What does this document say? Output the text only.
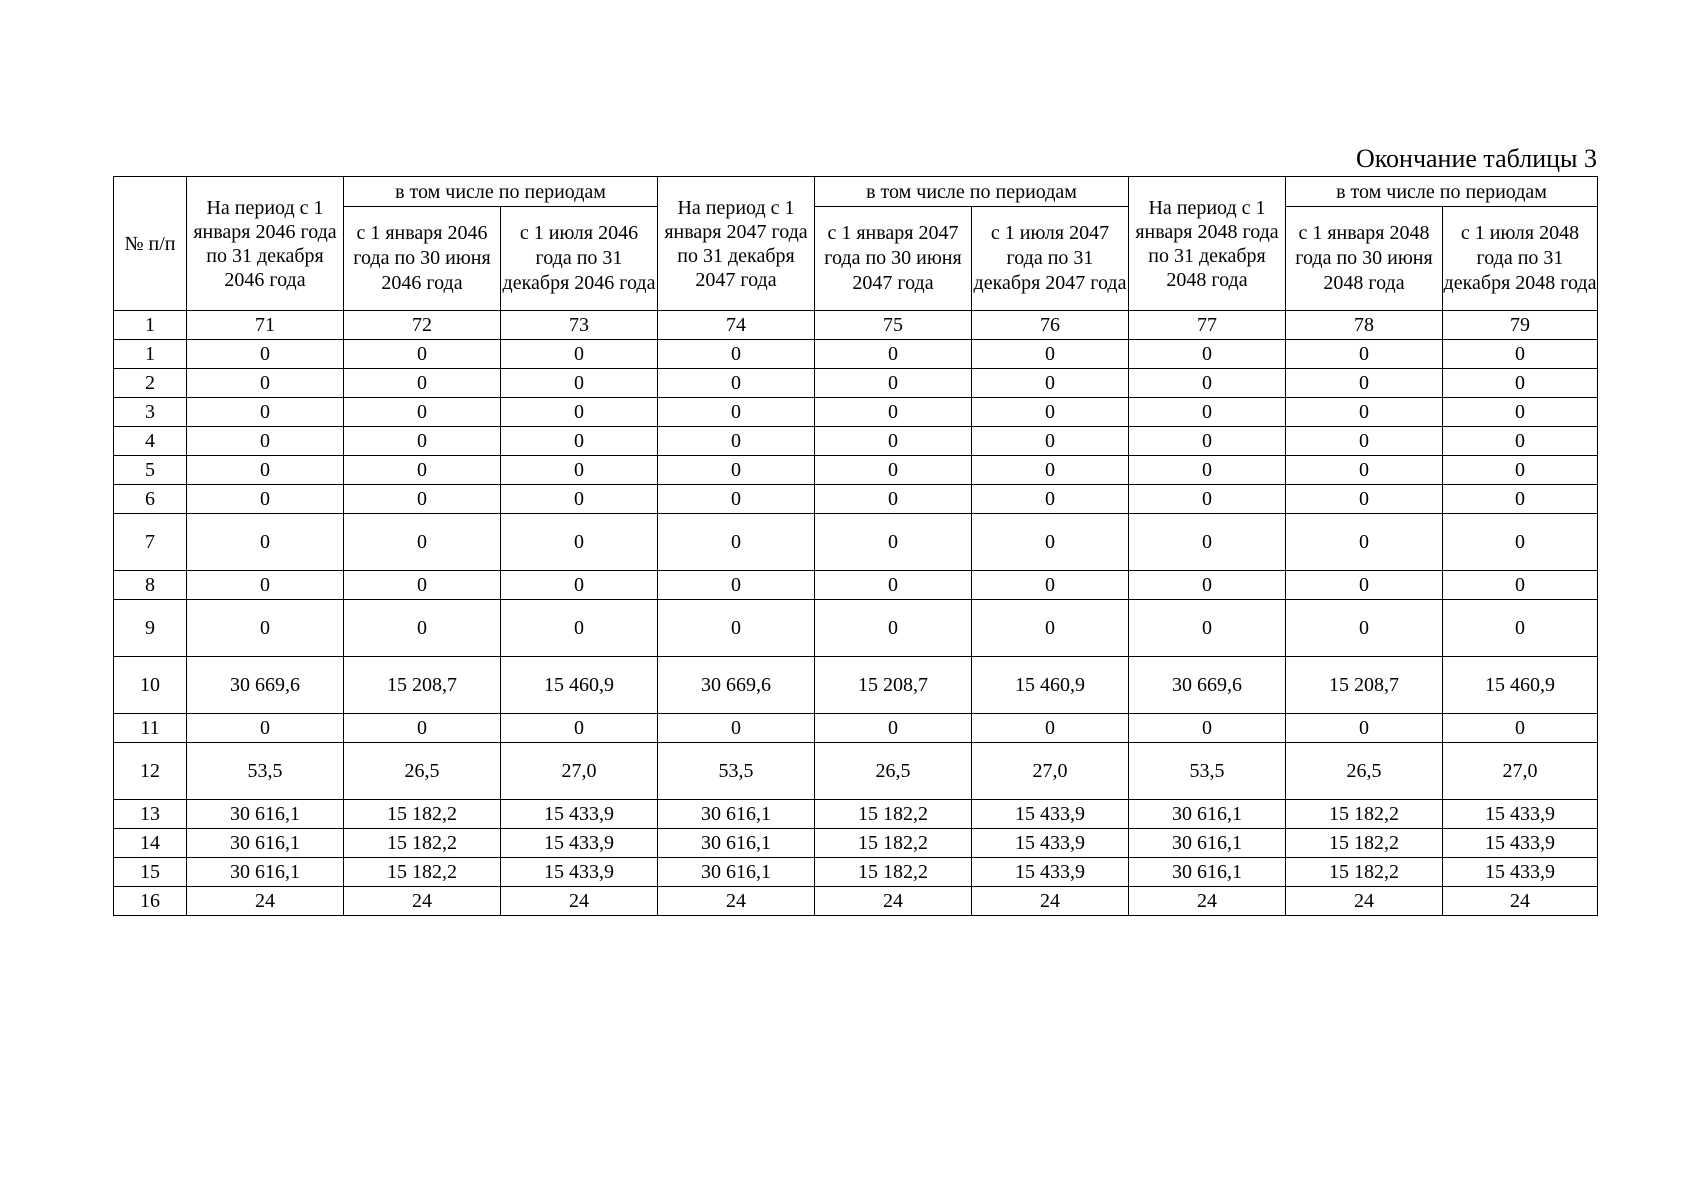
Окончание таблицы 3
№ п/п	На период с 1 января 2046 года по 31 декабря 2046 года	в том числе по периодам		На период с 1 января 2047 года по 31 декабря 2047 года	в том числе по периодам		На период с 1 января 2048 года по 31 декабря 2048 года	в том числе по периодам	
		с 1 января 2046 года по 30 июня 2046 года	с 1 июля 2046 года по 31 декабря 2046 года		с 1 января 2047 года по 30 июня 2047 года	с 1 июля 2047 года по 31 декабря 2047 года		с 1 января 2048 года по 30 июня 2048 года	с 1 июля 2048 года по 31 декабря 2048 года
1	71	72	73	74	75	76	77	78	79
1	0	0	0	0	0	0	0	0	0
2	0	0	0	0	0	0	0	0	0
3	0	0	0	0	0	0	0	0	0
4	0	0	0	0	0	0	0	0	0
5	0	0	0	0	0	0	0	0	0
6	0	0	0	0	0	0	0	0	0
7	0	0	0	0	0	0	0	0	0
8	0	0	0	0	0	0	0	0	0
9	0	0	0	0	0	0	0	0	0
10	30 669,6	15 208,7	15 460,9	30 669,6	15 208,7	15 460,9	30 669,6	15 208,7	15 460,9
11	0	0	0	0	0	0	0	0	0
12	53,5	26,5	27,0	53,5	26,5	27,0	53,5	26,5	27,0
13	30 616,1	15 182,2	15 433,9	30 616,1	15 182,2	15 433,9	30 616,1	15 182,2	15 433,9
14	30 616,1	15 182,2	15 433,9	30 616,1	15 182,2	15 433,9	30 616,1	15 182,2	15 433,9
15	30 616,1	15 182,2	15 433,9	30 616,1	15 182,2	15 433,9	30 616,1	15 182,2	15 433,9
16	24	24	24	24	24	24	24	24	24
